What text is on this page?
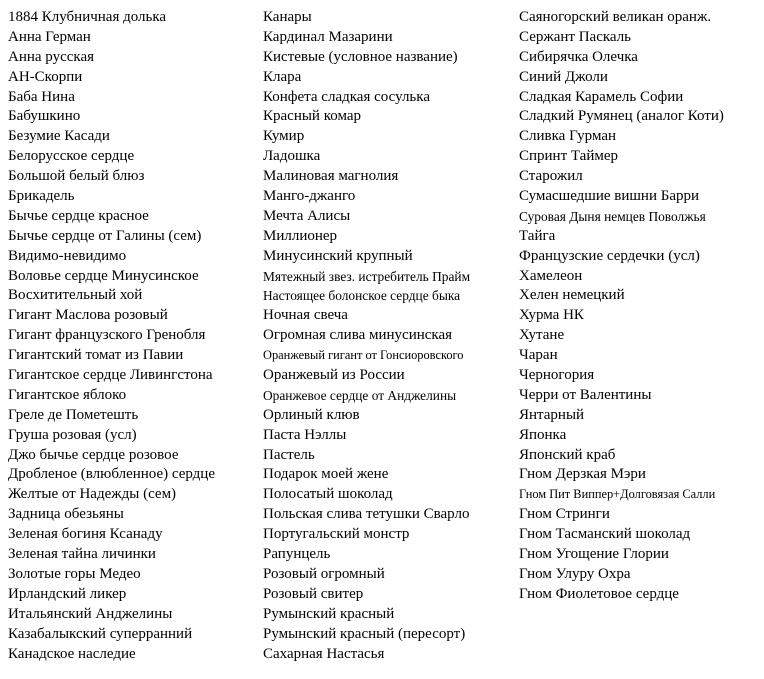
1884 Клубничная долька
Анна Герман
Анна русская
АН-Скорпи
Баба Нина
Бабушкино
Безумие Касади
Белорусское сердце
Большой белый блюз
Брикадель
Бычье сердце красное
Бычье сердце от Галины (сем)
Видимо-невидимо
Воловье сердце Минусинское
Восхитительный хой
Гигант Маслова розовый
Гигант французского Гренобля
Гигантский томат из Павии
Гигантское сердце Ливингстона
Гигантское яблоко
Греле де Пометешть
Груша розовая (усл)
Джо бычье сердце розовое
Дробленое (влюбленное) сердце
Желтые от Надежды (сем)
Задница обезьяны
Зеленая богиня Ксанаду
Зеленая тайна личинки
Золотые горы Медео
Ирландский ликер
Итальянский Анджелины
Казабалыкский суперранний
Канадское наследие
Канары
Кардинал Мазарини
Кистевые (условное название)
Клара
Конфета сладкая сосулька
Красный комар
Кумир
Ладошка
Малиновая магнолия
Манго-джанго
Мечта Алисы
Миллионер
Минусинский крупный
Мятежный звез. истребитель Прайм
Настоящее болонское сердце быка
Ночная свеча
Огромная слива минусинская
Оранжевый гигант от Гонсиоровского
Оранжевый из России
Оранжевое сердце от Анджелины
Орлиный клюв
Паста Нэллы
Пастель
Подарок моей жене
Полосатый шоколад
Польская слива тетушки Сварло
Португальский монстр
Рапунцель
Розовый огромный
Розовый свитер
Румынский красный
Румынский красный (пересорт)
Сахарная Настасья
Саяногорский великан оранж.
Сержант Паскаль
Сибирячка Олечка
Синий Джоли
Сладкая Карамель Софии
Сладкий Румянец (аналог Коти)
Сливка Гурман
Спринт Таймер
Старожил
Сумасшедшие вишни Барри
Суровая Дыня немцев Поволжья
Тайга
Французские сердечки (усл)
Хамелеон
Хелен немецкий
Хурма НК
Хутане
Чаран
Черногория
Черри от Валентины
Янтарный
Японка
Японский краб
Гном Дерзкая Мэри
Гном Пит Виппер+Долговязая Салли
Гном Стринги
Гном Тасманский шоколад
Гном Угощение Глории
Гном Улуру Охра
Гном Фиолетовое сердце
